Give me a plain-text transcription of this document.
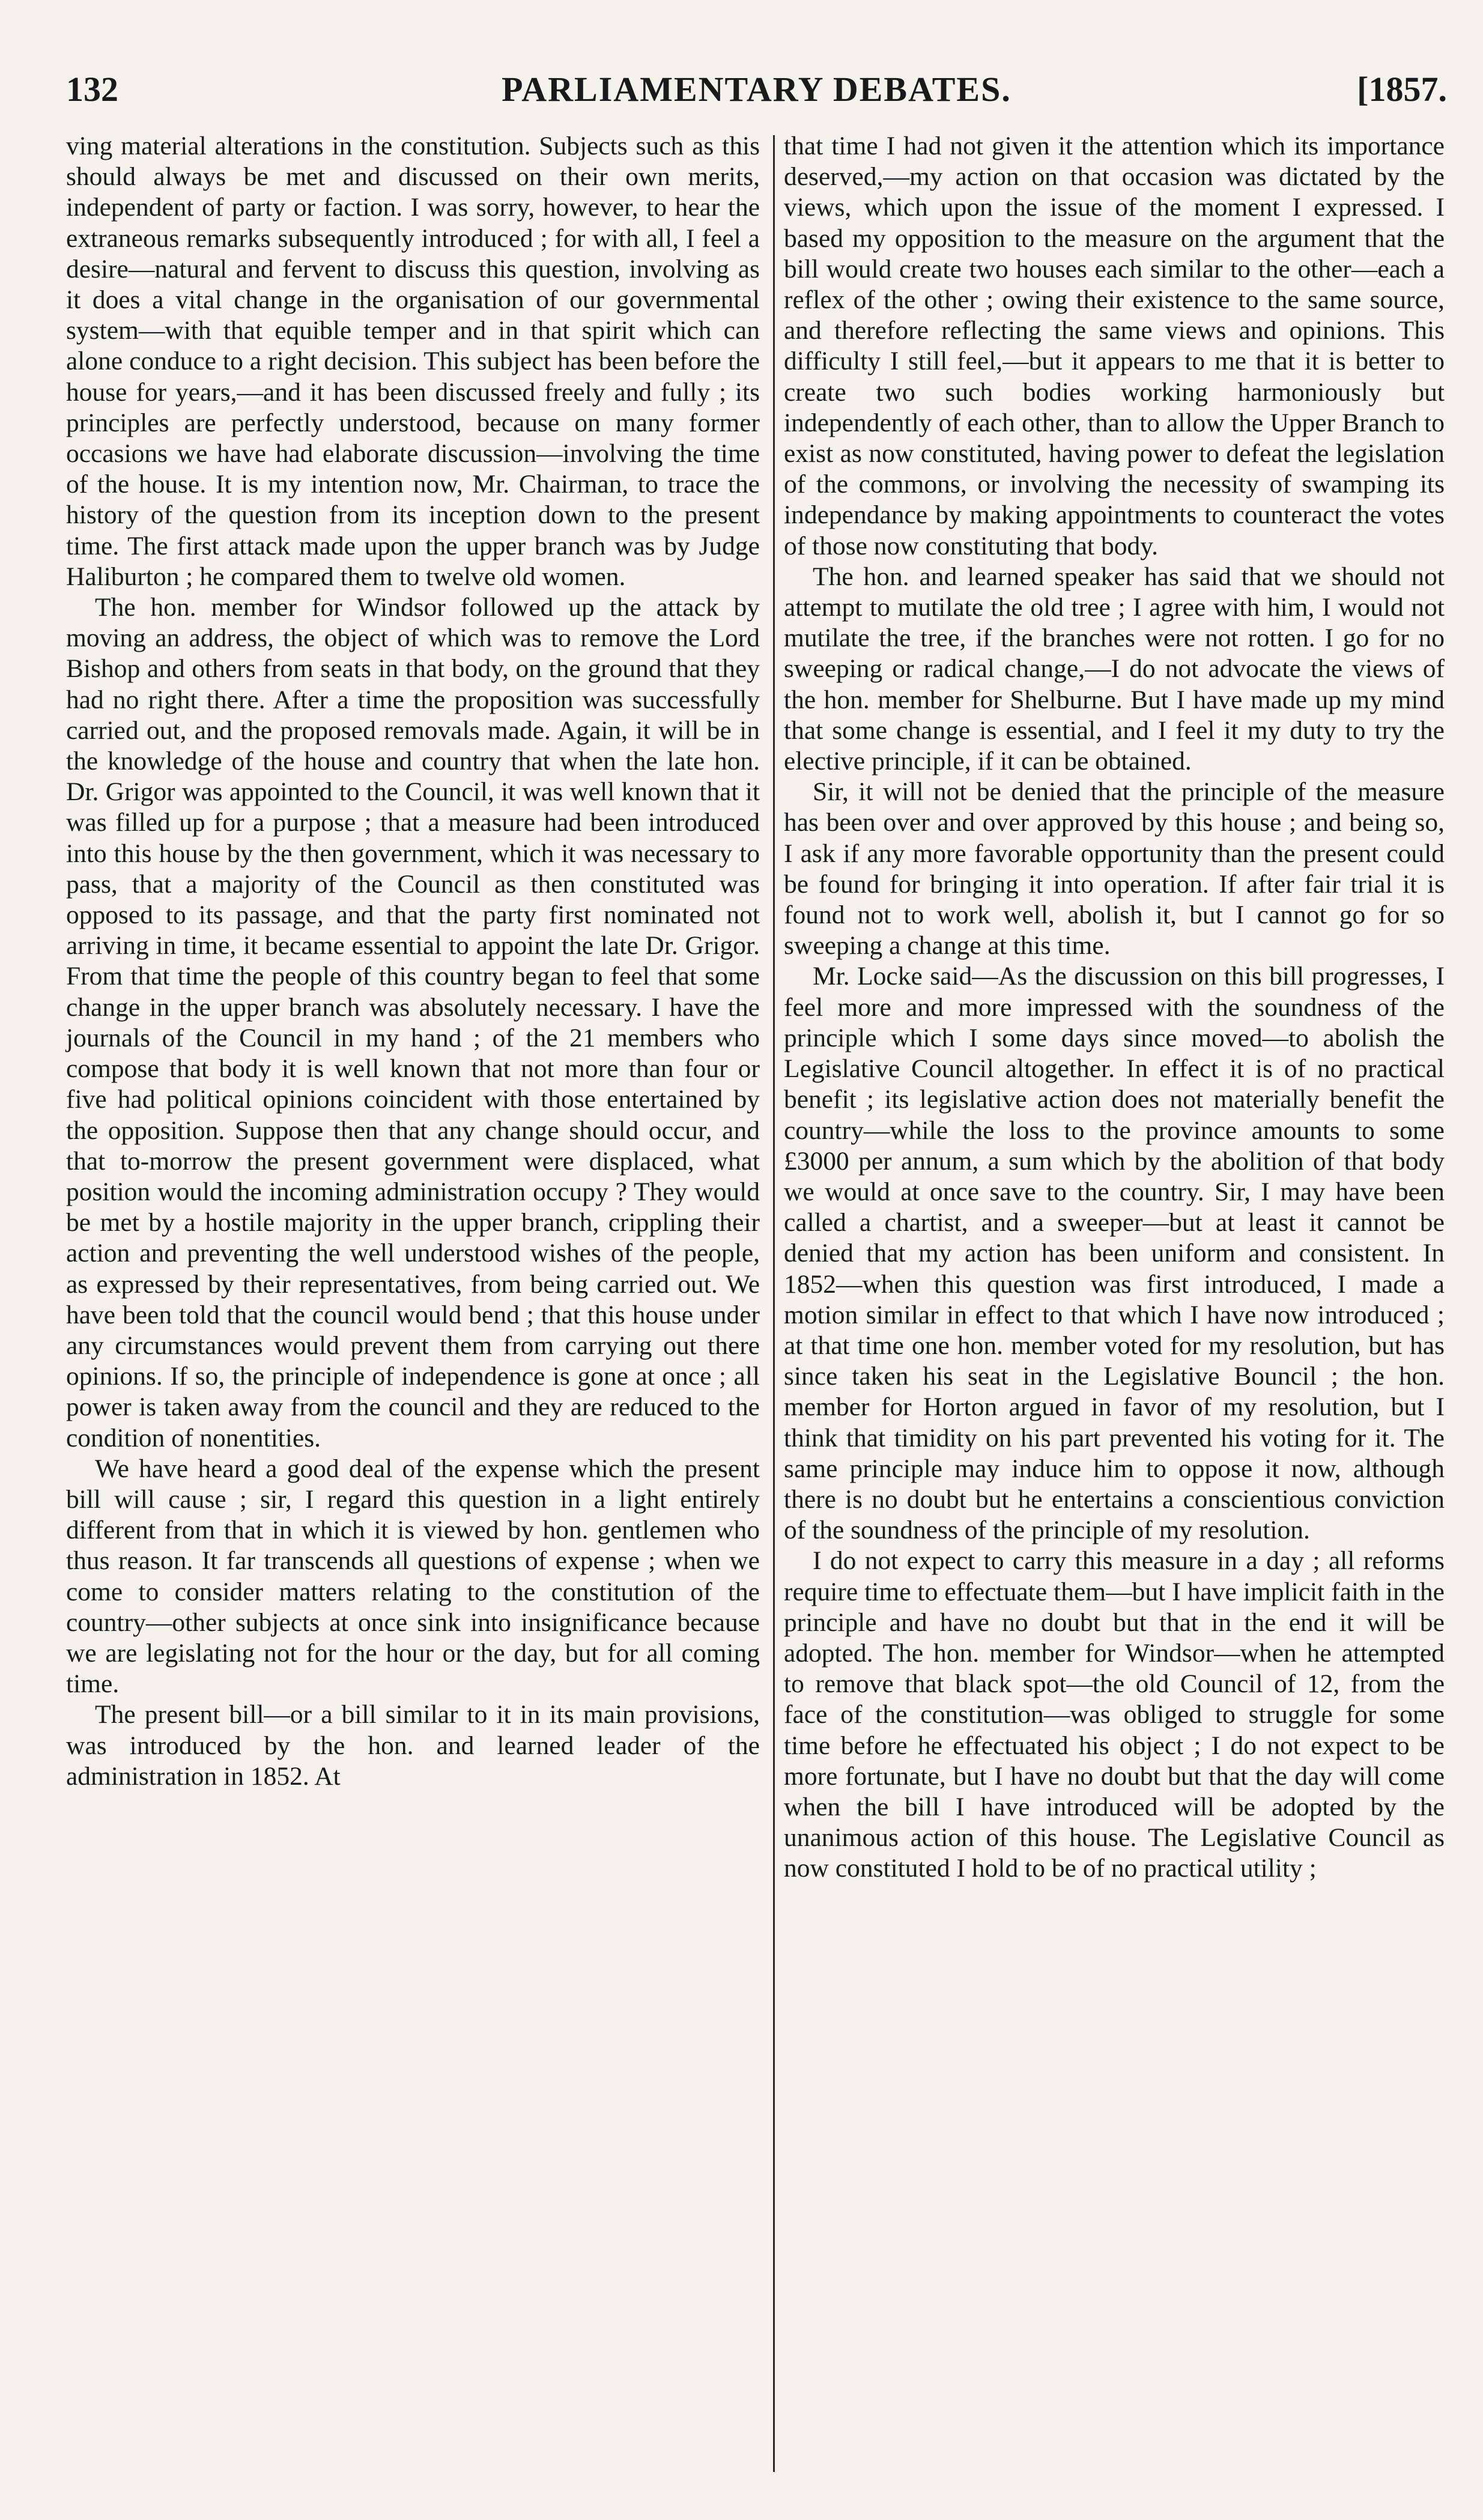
132	PARLIAMENTARY DEBATES.	[1857.

ving material alterations in the constitution. Subjects such as this should always be met and discussed on their own merits, independent of party or faction. I was sorry, however, to hear the extraneous remarks subsequently introduced ; for with all, I feel a desire—natural and fervent to discuss this question, involving as it does a vital change in the organisation of our governmental system—with that equible temper and in that spirit which can alone conduce to a right decision. This subject has been before the house for years,—and it has been discussed freely and fully ; its principles are perfectly understood, because on many former occasions we have had elaborate discussion—involving the time of the house. It is my intention now, Mr. Chairman, to trace the history of the question from its inception down to the present time. The first attack made upon the upper branch was by Judge Haliburton ; he compared them to twelve old women.

The hon. member for Windsor followed up the attack by moving an address, the object of which was to remove the Lord Bishop and others from seats in that body, on the ground that they had no right there. After a time the proposition was successfully carried out, and the proposed removals made. Again, it will be in the knowledge of the house and country that when the late hon. Dr. Grigor was appointed to the Council, it was well known that it was filled up for a purpose ; that a measure had been introduced into this house by the then government, which it was necessary to pass, that a majority of the Council as then constituted was opposed to its passage, and that the party first nominated not arriving in time, it became essential to appoint the late Dr. Grigor. From that time the people of this country began to feel that some change in the upper branch was absolutely necessary. I have the journals of the Council in my hand ; of the 21 members who compose that body it is well known that not more than four or five had political opinions coincident with those entertained by the opposition. Suppose then that any change should occur, and that to-morrow the present government were displaced, what position would the incoming administration occupy ? They would be met by a hostile majority in the upper branch, crippling their action and preventing the well understood wishes of the people, as expressed by their representatives, from being carried out. We have been told that the council would bend ; that this house under any circumstances would prevent them from carrying out there opinions. If so, the principle of independence is gone at once ; all power is taken away from the council and they are reduced to the condition of nonentities.

We have heard a good deal of the expense which the present bill will cause ; sir, I regard this question in a light entirely different from that in which it is viewed by hon. gentlemen who thus reason. It far transcends all questions of expense ; when we come to consider matters relating to the constitution of the country—other subjects at once sink into insignificance because we are legislating not for the hour or the day, but for all coming time.

The present bill—or a bill similar to it in its main provisions, was introduced by the hon. and learned leader of the administration in 1852. At

that time I had not given it the attention which its importance deserved,—my action on that occasion was dictated by the views, which upon the issue of the moment I expressed. I based my opposition to the measure on the argument that the bill would create two houses each similar to the other—each a reflex of the other ; owing their existence to the same source, and therefore reflecting the same views and opinions. This difficulty I still feel,—but it appears to me that it is better to create two such bodies working harmoniously but independently of each other, than to allow the Upper Branch to exist as now constituted, having power to defeat the legislation of the commons, or involving the necessity of swamping its independance by making appointments to counteract the votes of those now constituting that body.

The hon. and learned speaker has said that we should not attempt to mutilate the old tree ; I agree with him, I would not mutilate the tree, if the branches were not rotten. I go for no sweeping or radical change,—I do not advocate the views of the hon. member for Shelburne. But I have made up my mind that some change is essential, and I feel it my duty to try the elective principle, if it can be obtained.

Sir, it will not be denied that the principle of the measure has been over and over approved by this house ; and being so, I ask if any more favorable opportunity than the present could be found for bringing it into operation. If after fair trial it is found not to work well, abolish it, but I cannot go for so sweeping a change at this time.

Mr. Locke said—As the discussion on this bill progresses, I feel more and more impressed with the soundness of the principle which I some days since moved—to abolish the Legislative Council altogether. In effect it is of no practical benefit ; its legislative action does not materially benefit the country—while the loss to the province amounts to some £3000 per annum, a sum which by the abolition of that body we would at once save to the country. Sir, I may have been called a chartist, and a sweeper—but at least it cannot be denied that my action has been uniform and consistent. In 1852—when this question was first introduced, I made a motion similar in effect to that which I have now introduced ; at that time one hon. member voted for my resolution, but has since taken his seat in the Legislative Bouncil ; the hon. member for Horton argued in favor of my resolution, but I think that timidity on his part prevented his voting for it. The same principle may induce him to oppose it now, although there is no doubt but he entertains a conscientious conviction of the soundness of the principle of my resolution.

I do not expect to carry this measure in a day ; all reforms require time to effectuate them—but I have implicit faith in the principle and have no doubt but that in the end it will be adopted. The hon. member for Windsor—when he attempted to remove that black spot—the old Council of 12, from the face of the constitution—was obliged to struggle for some time before he effectuated his object ; I do not expect to be more fortunate, but I have no doubt but that the day will come when the bill I have introduced will be adopted by the unanimous action of this house. The Legislative Council as now constituted I hold to be of no practical utility ;
